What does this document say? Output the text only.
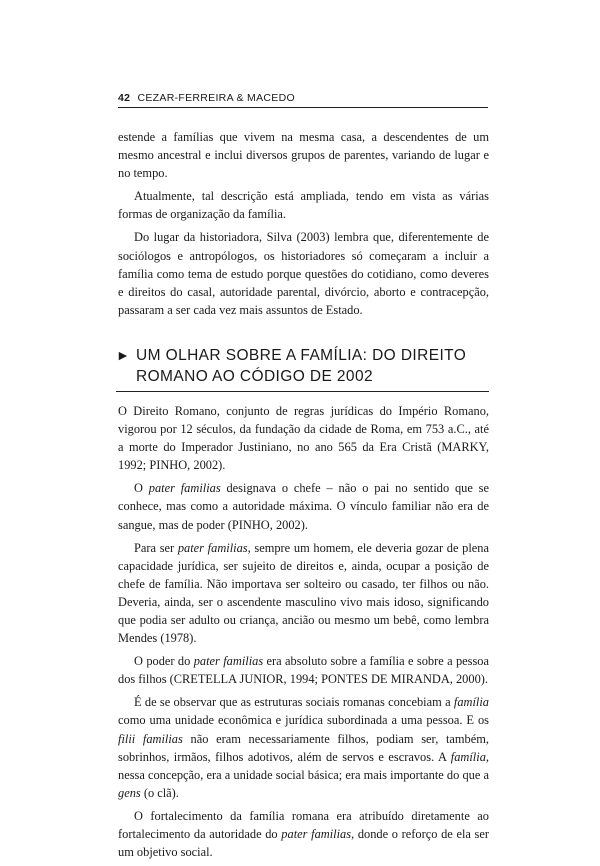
42 CEZAR-FERREIRA & MACEDO

estende a famílias que vivem na mesma casa, a descendentes de um mesmo ancestral e inclui diversos grupos de parentes, variando de lugar e no tempo.

Atualmente, tal descrição está ampliada, tendo em vista as várias formas de organização da família.

Do lugar da historiadora, Silva (2003) lembra que, diferentemente de sociólogos e antropólogos, os historiadores só começaram a incluir a família como tema de estudo porque questões do cotidiano, como deveres e direitos do casal, autoridade parental, divórcio, aborto e contracepção, passaram a ser cada vez mais assuntos de Estado.

► UM OLHAR SOBRE A FAMÍLIA: DO DIREITO
ROMANO AO CÓDIGO DE 2002

O Direito Romano, conjunto de regras jurídicas do Império Romano, vigorou por 12 séculos, da fundação da cidade de Roma, em 753 a.C., até a morte do Imperador Justiniano, no ano 565 da Era Cristã (MARKY, 1992; PINHO, 2002).

O pater familias designava o chefe – não o pai no sentido que se conhece, mas como a autoridade máxima. O vínculo familiar não era de sangue, mas de poder (PINHO, 2002).

Para ser pater familias, sempre um homem, ele deveria gozar de plena capacidade jurídica, ser sujeito de direitos e, ainda, ocupar a posição de chefe de família. Não importava ser solteiro ou casado, ter filhos ou não. Deveria, ainda, ser o ascendente masculino vivo mais idoso, significando que podia ser adulto ou criança, ancião ou mesmo um bebê, como lembra Mendes (1978).

O poder do pater familias era absoluto sobre a família e sobre a pessoa dos filhos (CRETELLA JUNIOR, 1994; PONTES DE MIRANDA, 2000).

É de se observar que as estruturas sociais romanas concebiam a família como uma unidade econômica e jurídica subordinada a uma pessoa. E os filii familias não eram necessariamente filhos, podiam ser, também, sobrinhos, irmãos, filhos adotivos, além de servos e escravos. A família, nessa concepção, era a unidade social básica; era mais importante do que a gens (o clã).

O fortalecimento da família romana era atribuído diretamente ao fortalecimento da autoridade do pater familias, donde o reforço de ela ser um objetivo social.
